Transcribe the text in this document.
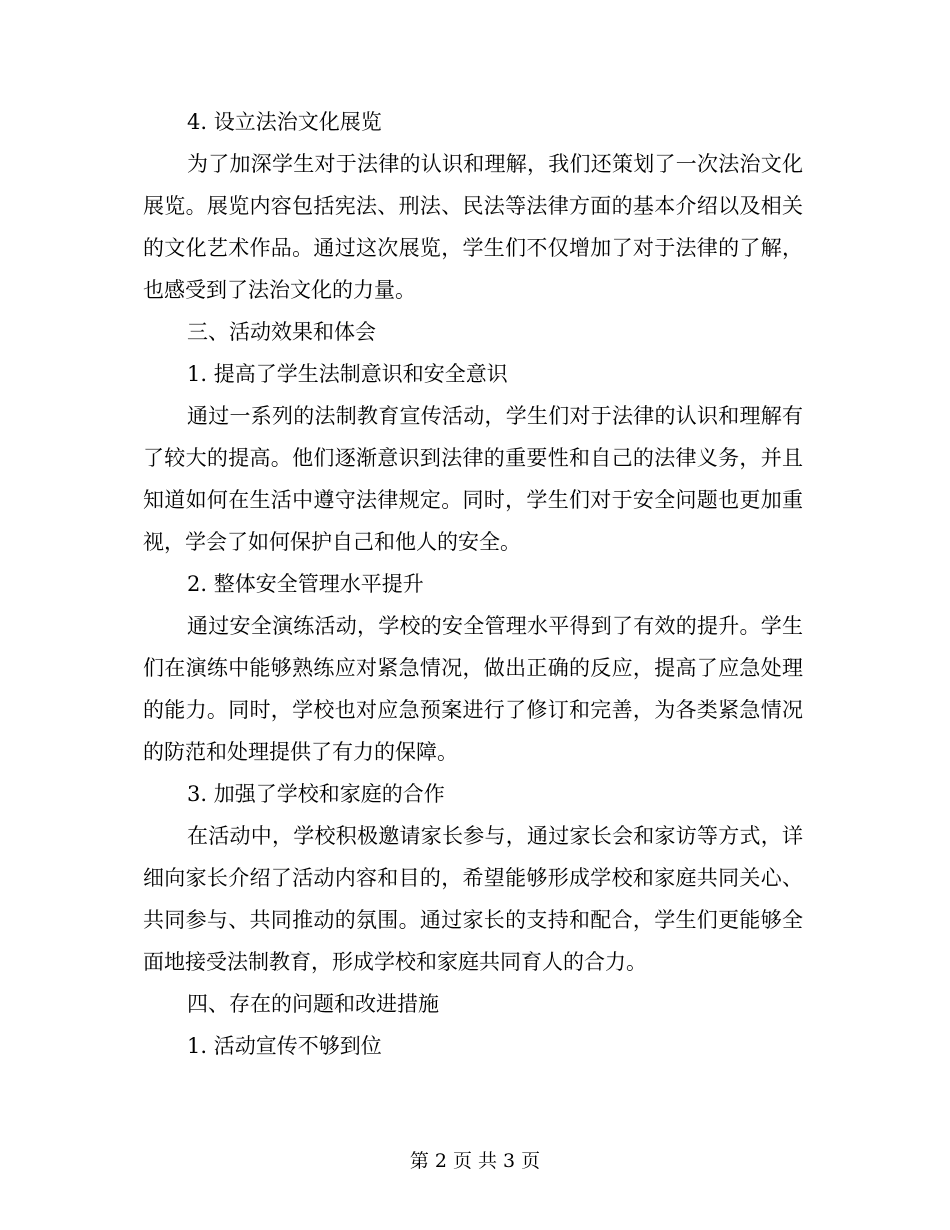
4. 设立法治文化展览
为了加深学生对于法律的认识和理解，我们还策划了一次法治文化展览。展览内容包括宪法、刑法、民法等法律方面的基本介绍以及相关的文化艺术作品。通过这次展览，学生们不仅增加了对于法律的了解，也感受到了法治文化的力量。
三、活动效果和体会
1. 提高了学生法制意识和安全意识
通过一系列的法制教育宣传活动，学生们对于法律的认识和理解有了较大的提高。他们逐渐意识到法律的重要性和自己的法律义务，并且知道如何在生活中遵守法律规定。同时，学生们对于安全问题也更加重视，学会了如何保护自己和他人的安全。
2. 整体安全管理水平提升
通过安全演练活动，学校的安全管理水平得到了有效的提升。学生们在演练中能够熟练应对紧急情况，做出正确的反应，提高了应急处理的能力。同时，学校也对应急预案进行了修订和完善，为各类紧急情况的防范和处理提供了有力的保障。
3. 加强了学校和家庭的合作
在活动中，学校积极邀请家长参与，通过家长会和家访等方式，详细向家长介绍了活动内容和目的，希望能够形成学校和家庭共同关心、共同参与、共同推动的氛围。通过家长的支持和配合，学生们更能够全面地接受法制教育，形成学校和家庭共同育人的合力。
四、存在的问题和改进措施
1. 活动宣传不够到位
第 2 页 共 3 页
